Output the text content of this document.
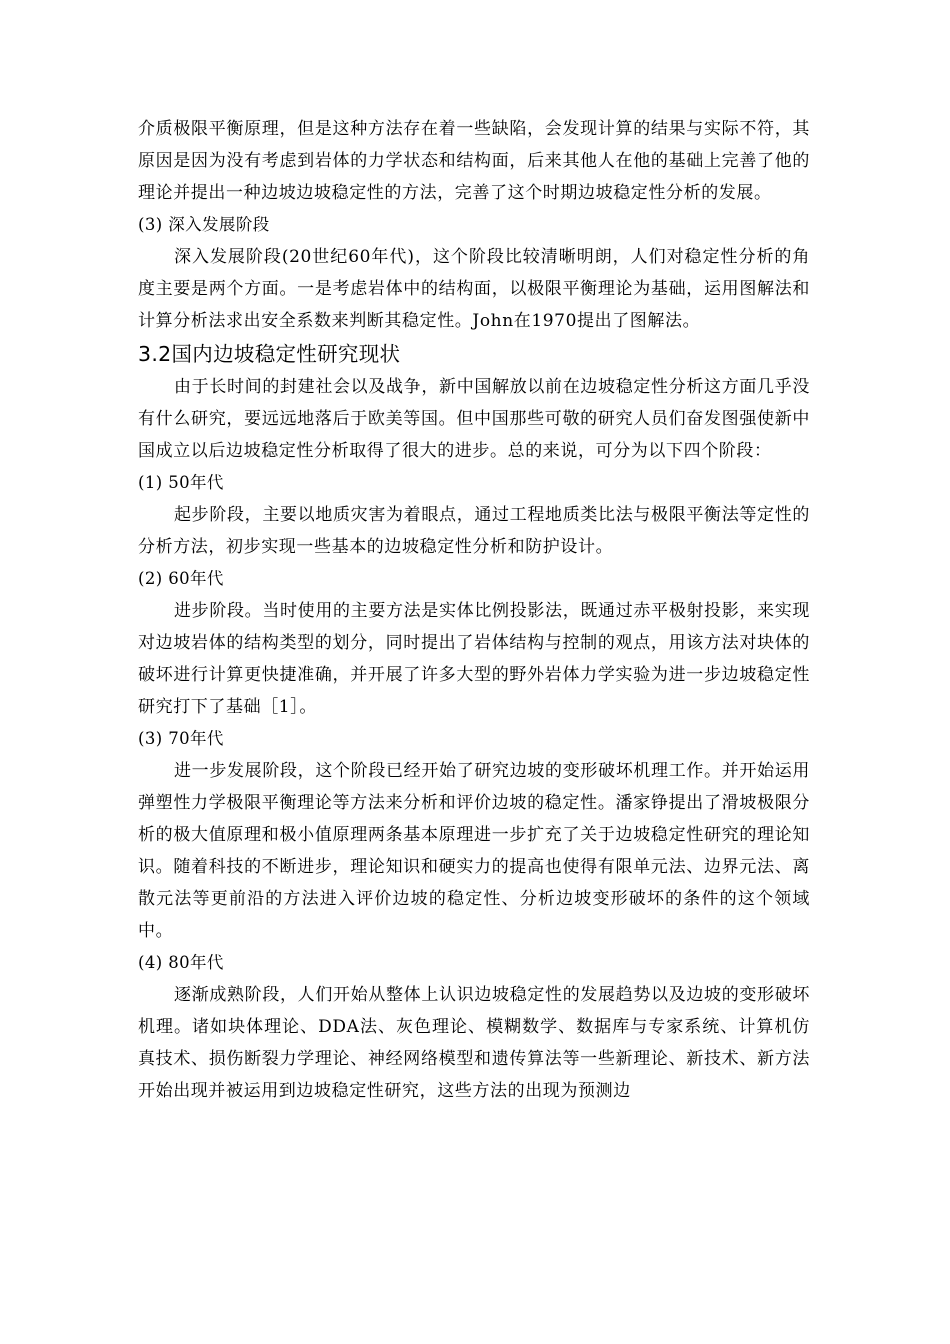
介质极限平衡原理，但是这种方法存在着一些缺陷，会发现计算的结果与实际不符，其原因是因为没有考虑到岩体的力学状态和结构面，后来其他人在他的基础上完善了他的理论并提出一种边坡边坡稳定性的方法，完善了这个时期边坡稳定性分析的发展。

(3) 深入发展阶段

深入发展阶段(20世纪60年代)，这个阶段比较清晰明朗，人们对稳定性分析的角度主要是两个方面。一是考虑岩体中的结构面，以极限平衡理论为基础，运用图解法和计算分析法求出安全系数来判断其稳定性。John在1970提出了图解法。

3.2国内边坡稳定性研究现状

由于长时间的封建社会以及战争，新中国解放以前在边坡稳定性分析这方面几乎没有什么研究，要远远地落后于欧美等国。但中国那些可敬的研究人员们奋发图强使新中国成立以后边坡稳定性分析取得了很大的进步。总的来说，可分为以下四个阶段：

(1) 50年代

起步阶段，主要以地质灾害为着眼点，通过工程地质类比法与极限平衡法等定性的分析方法，初步实现一些基本的边坡稳定性分析和防护设计。

(2) 60年代

进步阶段。当时使用的主要方法是实体比例投影法，既通过赤平极射投影，来实现对边坡岩体的结构类型的划分，同时提出了岩体结构与控制的观点，用该方法对块体的破坏进行计算更快捷准确，并开展了许多大型的野外岩体力学实验为进一步边坡稳定性研究打下了基础［1］。

(3) 70年代

进一步发展阶段，这个阶段已经开始了研究边坡的变形破坏机理工作。并开始运用弹塑性力学极限平衡理论等方法来分析和评价边坡的稳定性。潘家铮提出了滑坡极限分析的极大值原理和极小值原理两条基本原理进一步扩充了关于边坡稳定性研究的理论知识。随着科技的不断进步，理论知识和硬实力的提高也使得有限单元法、边界元法、离散元法等更前沿的方法进入评价边坡的稳定性、分析边坡变形破坏的条件的这个领域中。

(4) 80年代

逐渐成熟阶段，人们开始从整体上认识边坡稳定性的发展趋势以及边坡的变形破坏机理。诸如块体理论、DDA法、灰色理论、模糊数学、数据库与专家系统、计算机仿真技术、损伤断裂力学理论、神经网络模型和遗传算法等一些新理论、新技术、新方法开始出现并被运用到边坡稳定性研究，这些方法的出现为预测边
